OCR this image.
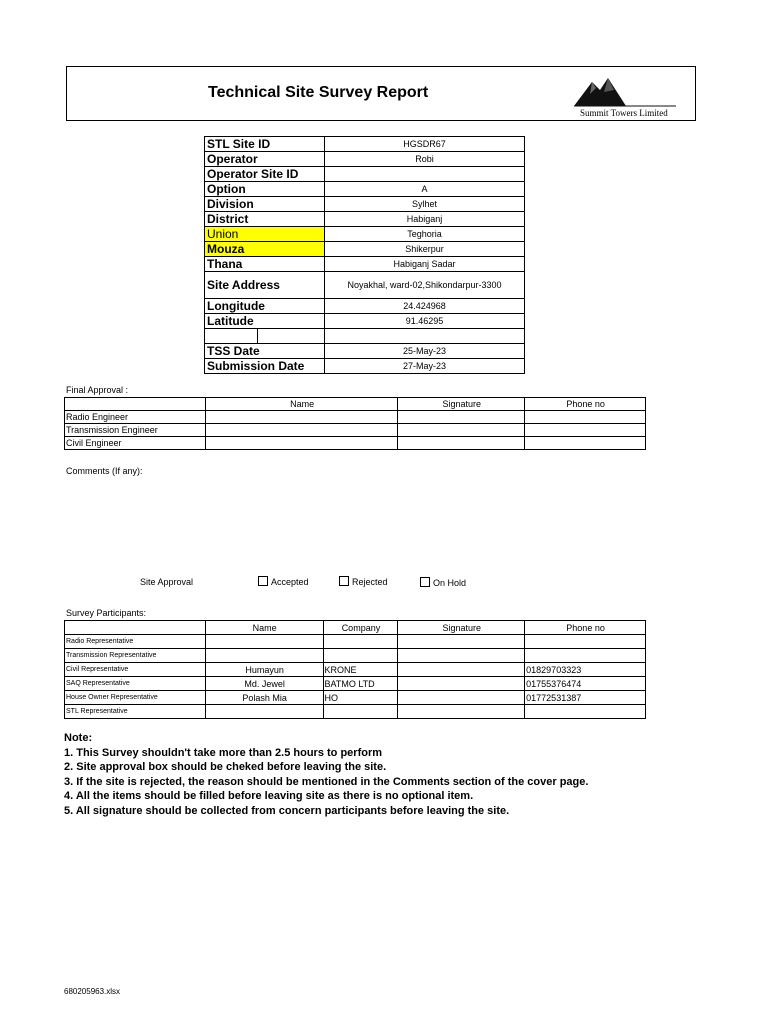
Technical Site Survey Report
Summit Towers Limited
STL Site ID	HGSDR67
Operator	Robi
Operator Site ID	
Option	A
Division	Sylhet
District	Habiganj
Union	Teghoria
Mouza	Shikerpur
Thana	Habiganj Sadar
Site Address	Noyakhal, ward-02,Shikondarpur-3300
Longitude	24.424968
Latitude	91.46295

TSS Date	25-May-23
Submission Date	27-May-23
Final Approval :
	Name	Signature	Phone no
Radio Engineer			
Transmission Engineer			
Civil Engineer			
Comments (If any):
Site Approval	Accepted	Rejected	On Hold
Survey Participants:
	Name	Company	Signature	Phone no
Radio Representative				
Transmission Representative				
Civil Representative	Humayun	KRONE		01829703323
SAQ Representative	Md. Jewel	BATMO LTD		01755376474
House Owner Representative	Polash Mia	HO		01772531387
STL Representative				
Note:
1. This Survey shouldn't take more than 2.5 hours to perform
2. Site approval box should be cheked before leaving the site.
3. If the site is rejected, the reason should be mentioned in the Comments section of the cover page.
4. All the items should be filled before leaving site as there is no optional item.
5. All signature should be collected from concern participants before leaving the site.
680205963.xlsx
